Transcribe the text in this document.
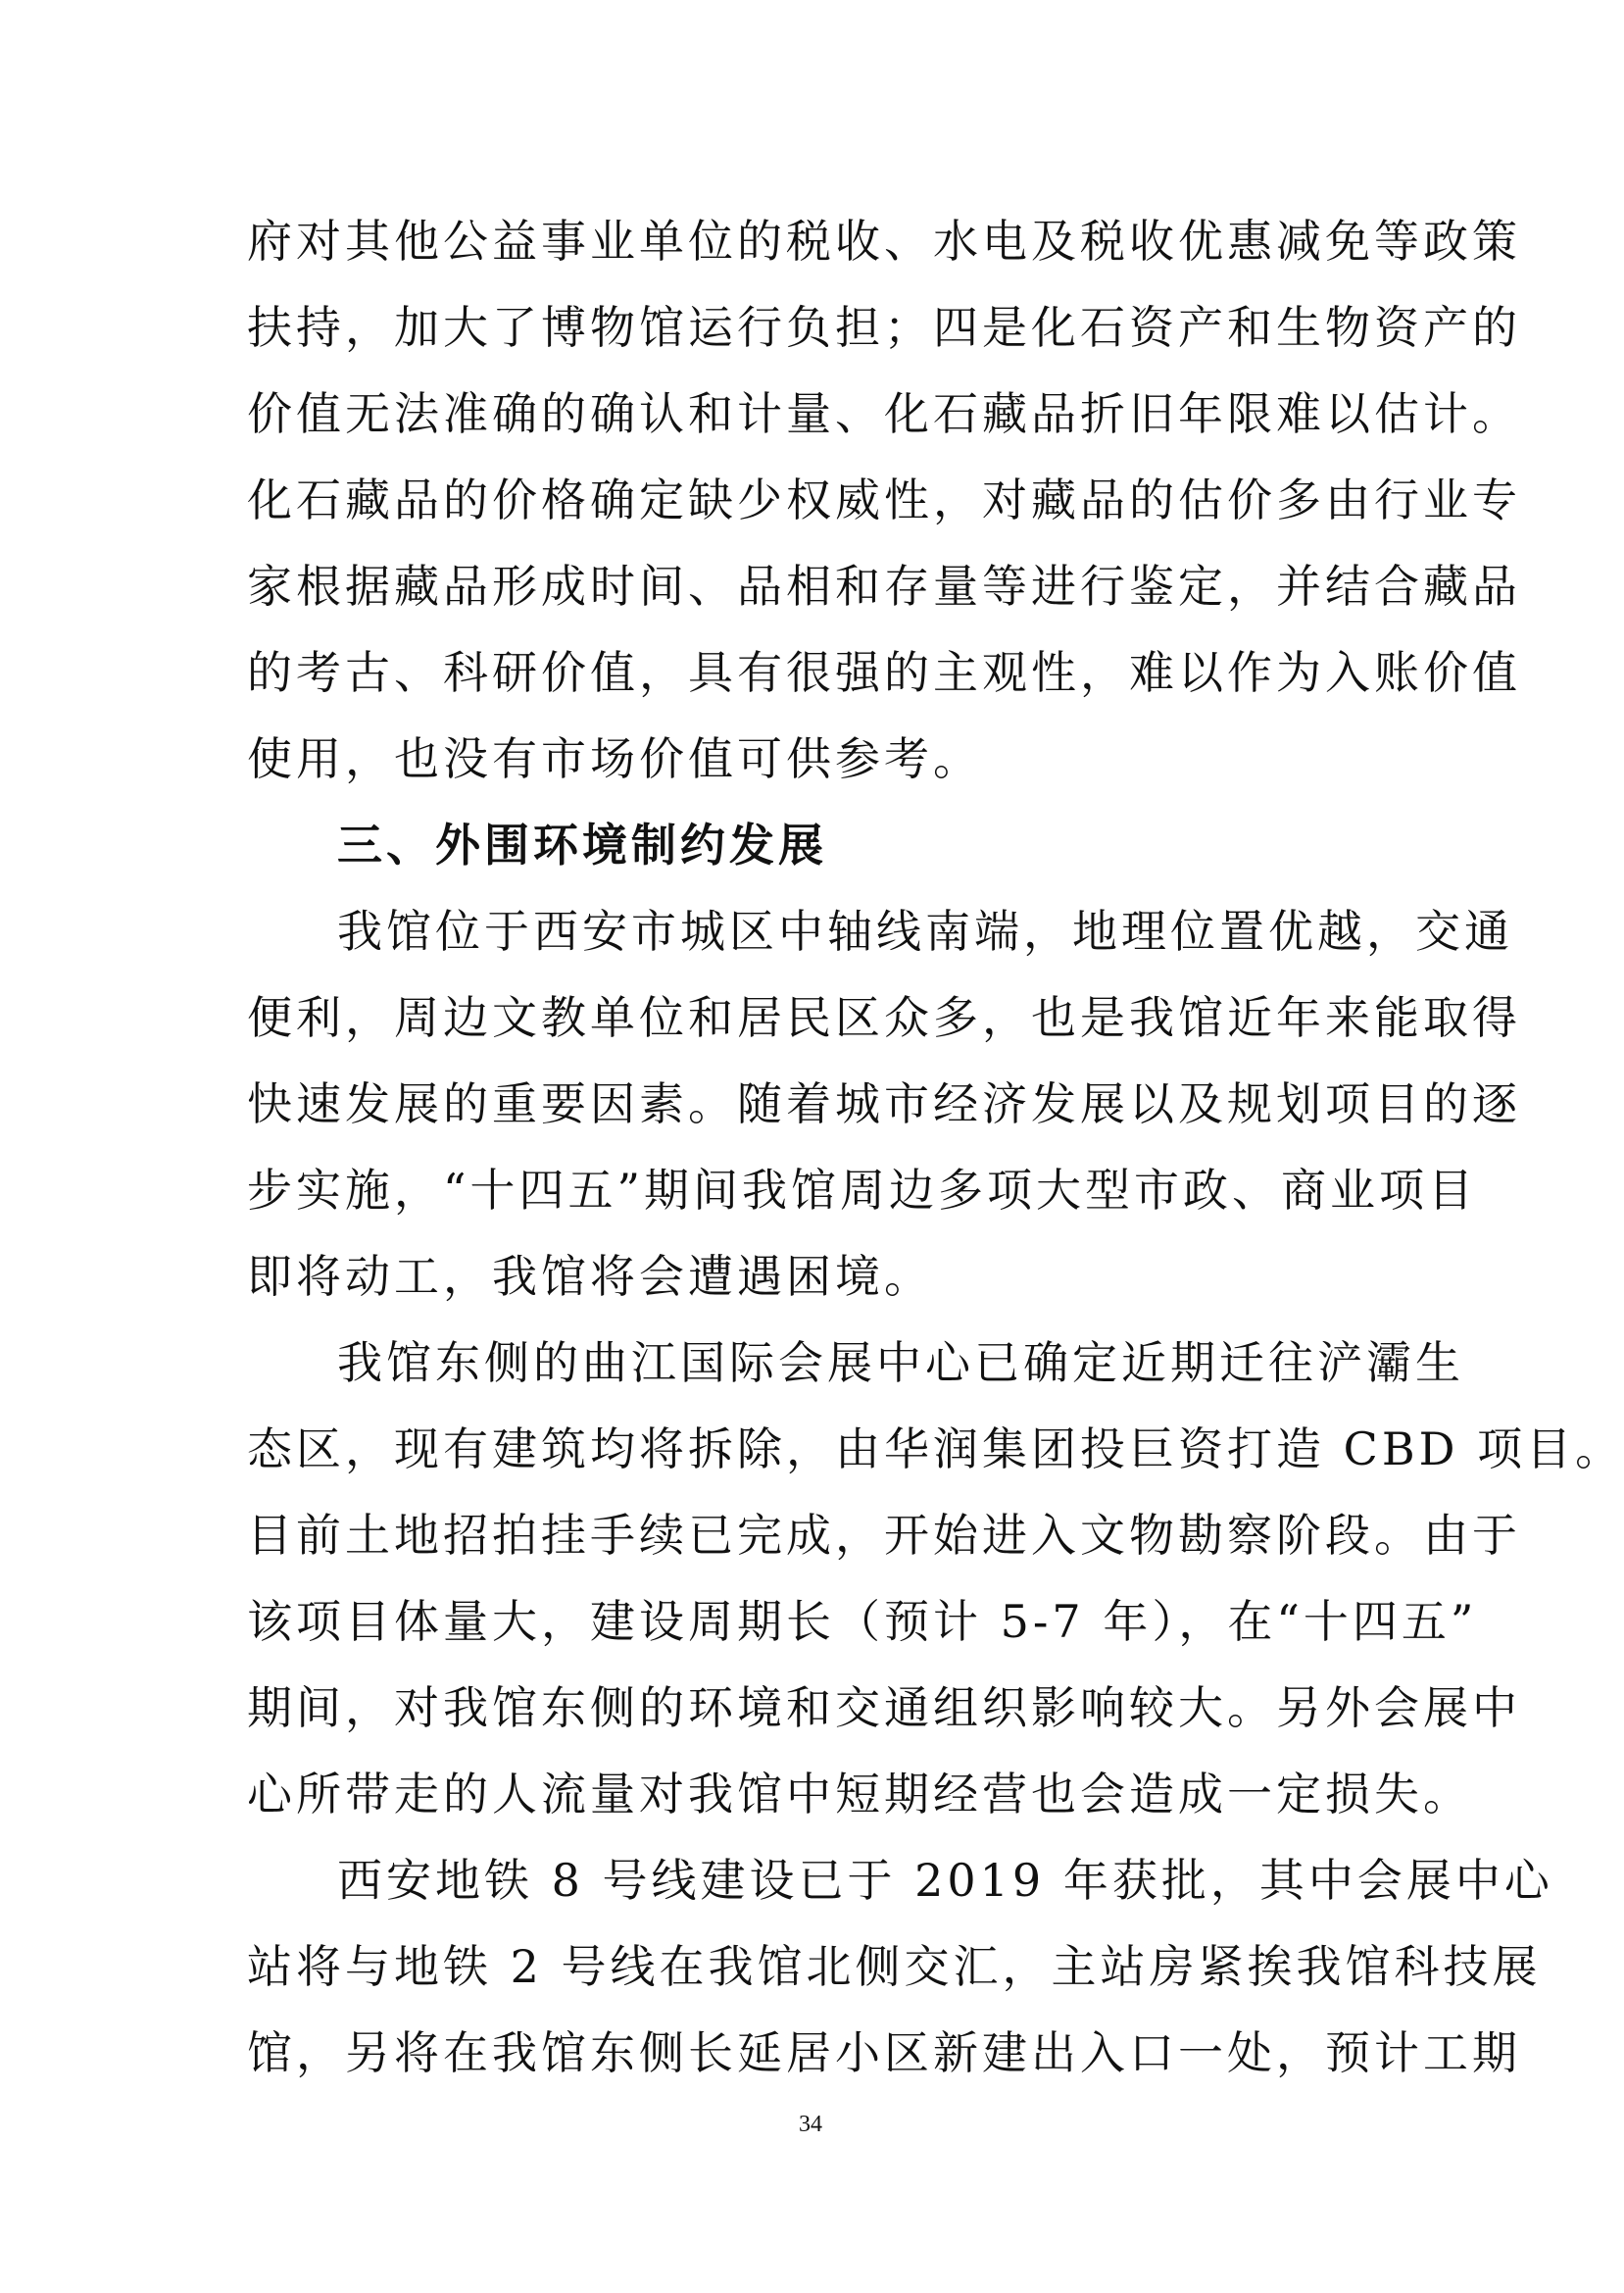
府对其他公益事业单位的税收、水电及税收优惠减免等政策
扶持，加大了博物馆运行负担；四是化石资产和生物资产的
价值无法准确的确认和计量、化石藏品折旧年限难以估计。
化石藏品的价格确定缺少权威性，对藏品的估价多由行业专
家根据藏品形成时间、品相和存量等进行鉴定，并结合藏品
的考古、科研价值，具有很强的主观性，难以作为入账价值
使用，也没有市场价值可供参考。
三、外围环境制约发展
我馆位于西安市城区中轴线南端，地理位置优越，交通
便利，周边文教单位和居民区众多，也是我馆近年来能取得
快速发展的重要因素。随着城市经济发展以及规划项目的逐
步实施，“十四五”期间我馆周边多项大型市政、商业项目
即将动工，我馆将会遭遇困境。
我馆东侧的曲江国际会展中心已确定近期迁往浐灞生
态区，现有建筑均将拆除，由华润集团投巨资打造 CBD 项目。
目前土地招拍挂手续已完成，开始进入文物勘察阶段。由于
该项目体量大，建设周期长（预计 5-7 年），在“十四五”
期间，对我馆东侧的环境和交通组织影响较大。另外会展中
心所带走的人流量对我馆中短期经营也会造成一定损失。
西安地铁 8 号线建设已于 2019 年获批，其中会展中心
站将与地铁 2 号线在我馆北侧交汇，主站房紧挨我馆科技展
馆，另将在我馆东侧长延居小区新建出入口一处，预计工期
34
